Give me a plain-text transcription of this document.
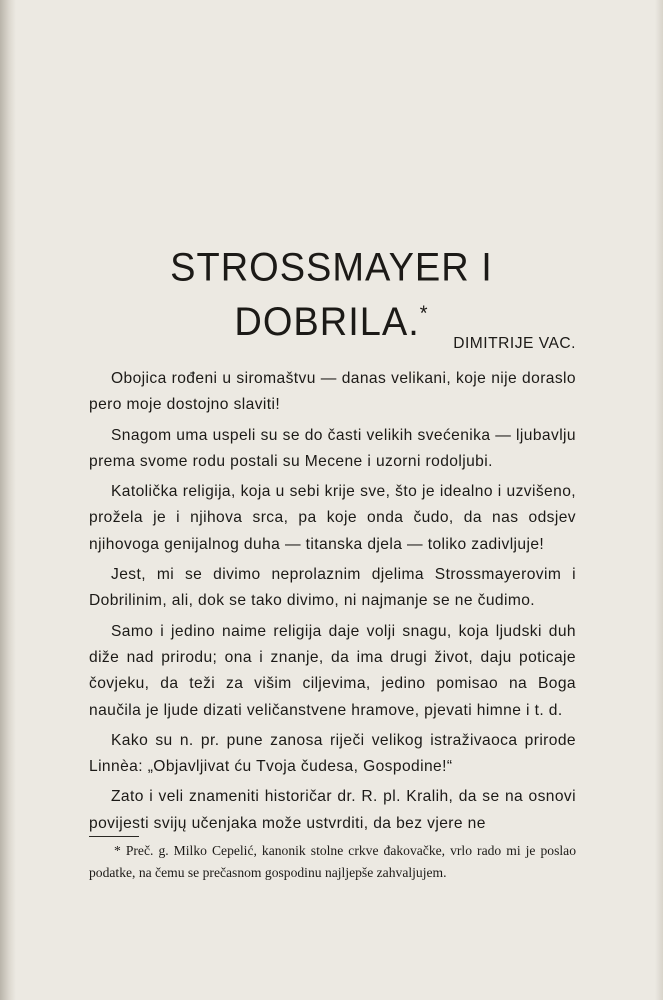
STROSSMAYER I DOBRILA.*
DIMITRIJE VAC.

Obojica rođeni u siromaštvu — danas velikani, koje nije doraslo pero moje dostojno slaviti!

Snagom uma uspeli su se do časti velikih svećenika — ljubavlju prema svome rodu postali su Mecene i uzorni rodoljubi.

Katolička religija, koja u sebi krije sve, što je idealno i uzvišeno, prožela je i njihova srca, pa koje onda čudo, da nas odsjev njihovoga genijalnog duha — titanska djela — toliko zadivljuje!

Jest, mi se divimo neprolaznim djelima Strossmayerovim i Dobrilinim, ali, dok se tako divimo, ni najmanje se ne čudimo.

Samo i jedino naime religija daje volji snagu, koja ljudski duh diže nad prirodu; ona i znanje, da ima drugi život, daju poticaje čovjeku, da teži za višim ciljevima, jedino pomisao na Boga naučila je ljude dizati veličanstvene hramove, pjevati himne i t. d.

Kako su n. pr. pune zanosa riječi velikog istraživaoca prirode Linnèa: „Objavljivat ću Tvoja čudesa, Gospodine!“

Zato i veli znameniti historičar dr. R. pl. Kralih, da se na osnovi povijesti svijų učenjaka može ustvrditi, da bez vjere ne

* Preč. g. Milko Cepelić, kanonik stolne crkve đakovačke, vrlo rado mi je poslao podatke, na čemu se prečasnom gospodinu najljepše zahvaljujem.
